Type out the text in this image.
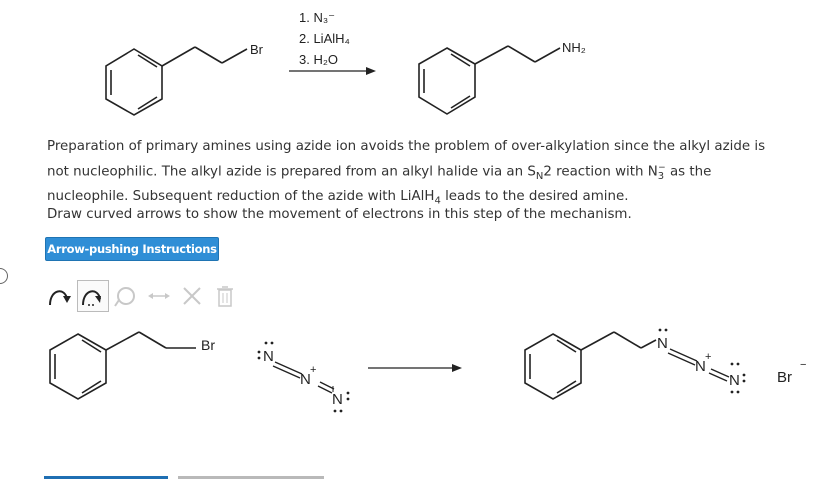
Br	NH₂
Br
N
N
+
N
N
N
+
N Br
−
1. N₃⁻
2. LiAlH₄
3. H₂O
Preparation of primary amines using azide ion avoids the problem of over-alkylation since the alkyl azide is
not nucleophilic. The alkyl azide is prepared from an alkyl halide via an $S_N2$ reaction with $N_3^-$ as the
nucleophile. Subsequent reduction of the azide with LiAlH$_4$ leads to the desired amine.
Draw curved arrows to show the movement of electrons in this step of the mechanism.
Arrow-pushing Instructions
